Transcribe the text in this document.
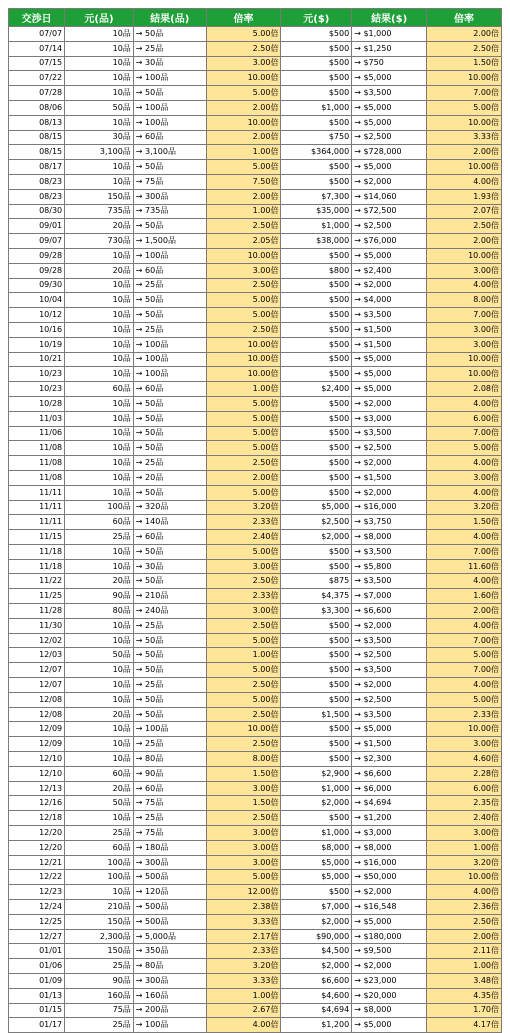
交渉日	元(品)	結果(品)	倍率	元($)	結果($)	倍率
07/07	10品	→ 50品	5.00倍	$500	→ $1,000	2.00倍
07/14	10品	→ 25品	2.50倍	$500	→ $1,250	2.50倍
07/15	10品	→ 30品	3.00倍	$500	→ $750	1.50倍
07/22	10品	→ 100品	10.00倍	$500	→ $5,000	10.00倍
07/28	10品	→ 50品	5.00倍	$500	→ $3,500	7.00倍
08/06	50品	→ 100品	2.00倍	$1,000	→ $5,000	5.00倍
08/13	10品	→ 100品	10.00倍	$500	→ $5,000	10.00倍
08/15	30品	→ 60品	2.00倍	$750	→ $2,500	3.33倍
08/15	3,100品	→ 3,100品	1.00倍	$364,000	→ $728,000	2.00倍
08/17	10品	→ 50品	5.00倍	$500	→ $5,000	10.00倍
08/23	10品	→ 75品	7.50倍	$500	→ $2,000	4.00倍
08/23	150品	→ 300品	2.00倍	$7,300	→ $14,060	1.93倍
08/30	735品	→ 735品	1.00倍	$35,000	→ $72,500	2.07倍
09/01	20品	→ 50品	2.50倍	$1,000	→ $2,500	2.50倍
09/07	730品	→ 1,500品	2.05倍	$38,000	→ $76,000	2.00倍
09/28	10品	→ 100品	10.00倍	$500	→ $5,000	10.00倍
09/28	20品	→ 60品	3.00倍	$800	→ $2,400	3.00倍
09/30	10品	→ 25品	2.50倍	$500	→ $2,000	4.00倍
10/04	10品	→ 50品	5.00倍	$500	→ $4,000	8.00倍
10/12	10品	→ 50品	5.00倍	$500	→ $3,500	7.00倍
10/16	10品	→ 25品	2.50倍	$500	→ $1,500	3.00倍
10/19	10品	→ 100品	10.00倍	$500	→ $1,500	3.00倍
10/21	10品	→ 100品	10.00倍	$500	→ $5,000	10.00倍
10/23	10品	→ 100品	10.00倍	$500	→ $5,000	10.00倍
10/23	60品	→ 60品	1.00倍	$2,400	→ $5,000	2.08倍
10/28	10品	→ 50品	5.00倍	$500	→ $2,000	4.00倍
11/03	10品	→ 50品	5.00倍	$500	→ $3,000	6.00倍
11/06	10品	→ 50品	5.00倍	$500	→ $3,500	7.00倍
11/08	10品	→ 50品	5.00倍	$500	→ $2,500	5.00倍
11/08	10品	→ 25品	2.50倍	$500	→ $2,000	4.00倍
11/08	10品	→ 20品	2.00倍	$500	→ $1,500	3.00倍
11/11	10品	→ 50品	5.00倍	$500	→ $2,000	4.00倍
11/11	100品	→ 320品	3.20倍	$5,000	→ $16,000	3.20倍
11/11	60品	→ 140品	2.33倍	$2,500	→ $3,750	1.50倍
11/15	25品	→ 60品	2.40倍	$2,000	→ $8,000	4.00倍
11/18	10品	→ 50品	5.00倍	$500	→ $3,500	7.00倍
11/18	10品	→ 30品	3.00倍	$500	→ $5,800	11.60倍
11/22	20品	→ 50品	2.50倍	$875	→ $3,500	4.00倍
11/25	90品	→ 210品	2.33倍	$4,375	→ $7,000	1.60倍
11/28	80品	→ 240品	3.00倍	$3,300	→ $6,600	2.00倍
11/30	10品	→ 25品	2.50倍	$500	→ $2,000	4.00倍
12/02	10品	→ 50品	5.00倍	$500	→ $3,500	7.00倍
12/03	50品	→ 50品	1.00倍	$500	→ $2,500	5.00倍
12/07	10品	→ 50品	5.00倍	$500	→ $3,500	7.00倍
12/07	10品	→ 25品	2.50倍	$500	→ $2,000	4.00倍
12/08	10品	→ 50品	5.00倍	$500	→ $2,500	5.00倍
12/08	20品	→ 50品	2.50倍	$1,500	→ $3,500	2.33倍
12/09	10品	→ 100品	10.00倍	$500	→ $5,000	10.00倍
12/09	10品	→ 25品	2.50倍	$500	→ $1,500	3.00倍
12/10	10品	→ 80品	8.00倍	$500	→ $2,300	4.60倍
12/10	60品	→ 90品	1.50倍	$2,900	→ $6,600	2.28倍
12/13	20品	→ 60品	3.00倍	$1,000	→ $6,000	6.00倍
12/16	50品	→ 75品	1.50倍	$2,000	→ $4,694	2.35倍
12/18	10品	→ 25品	2.50倍	$500	→ $1,200	2.40倍
12/20	25品	→ 75品	3.00倍	$1,000	→ $3,000	3.00倍
12/20	60品	→ 180品	3.00倍	$8,000	→ $8,000	1.00倍
12/21	100品	→ 300品	3.00倍	$5,000	→ $16,000	3.20倍
12/22	100品	→ 500品	5.00倍	$5,000	→ $50,000	10.00倍
12/23	10品	→ 120品	12.00倍	$500	→ $2,000	4.00倍
12/24	210品	→ 500品	2.38倍	$7,000	→ $16,548	2.36倍
12/25	150品	→ 500品	3.33倍	$2,000	→ $5,000	2.50倍
12/27	2,300品	→ 5,000品	2.17倍	$90,000	→ $180,000	2.00倍
01/01	150品	→ 350品	2.33倍	$4,500	→ $9,500	2.11倍
01/06	25品	→ 80品	3.20倍	$2,000	→ $2,000	1.00倍
01/09	90品	→ 300品	3.33倍	$6,600	→ $23,000	3.48倍
01/13	160品	→ 160品	1.00倍	$4,600	→ $20,000	4.35倍
01/15	75品	→ 200品	2.67倍	$4,694	→ $8,000	1.70倍
01/17	25品	→ 100品	4.00倍	$1,200	→ $5,000	4.17倍
